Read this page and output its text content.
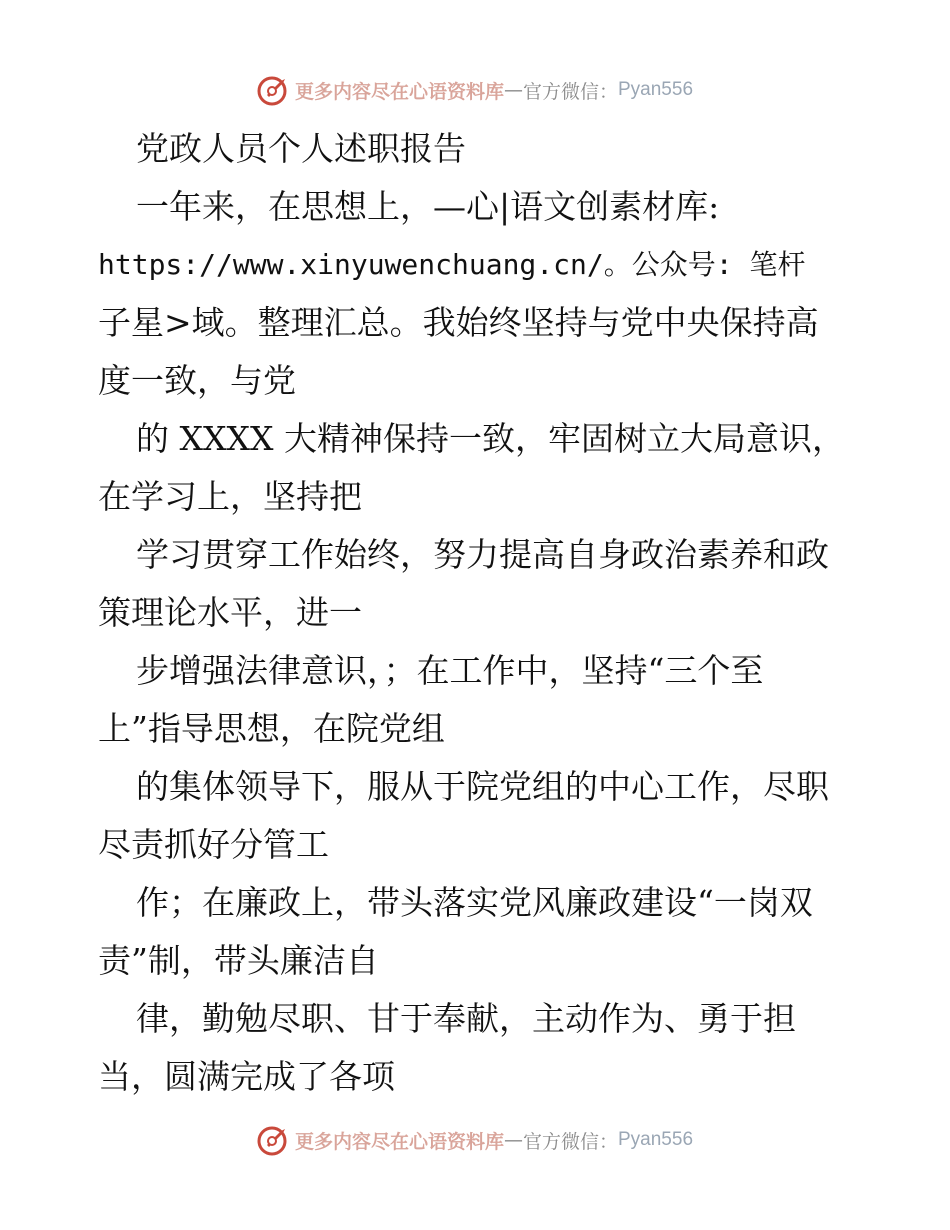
更多内容尽在心语资料库 — 官方微信： Pyan556
党政人员个人述职报告
一年来，在思想上，—心|语文创素材库:
https://www.xinyuwenchuang.cn/。公众号: 笔杆
子星>域。整理汇总。我始终坚持与党中央保持高
度一致，与党
的 XXXX 大精神保持一致，牢固树立大局意识，
在学习上，坚持把
学习贯穿工作始终，努力提高自身政治素养和政
策理论水平，进一
步增强法律意识，；在工作中，坚持“三个至
上”指导思想，在院党组
的集体领导下，服从于院党组的中心工作，尽职
尽责抓好分管工
作；在廉政上，带头落实党风廉政建设“一岗双
责”制，带头廉洁自
律，勤勉尽职、甘于奉献，主动作为、勇于担
当，圆满完成了各项
更多内容尽在心语资料库 — 官方微信： Pyan556
